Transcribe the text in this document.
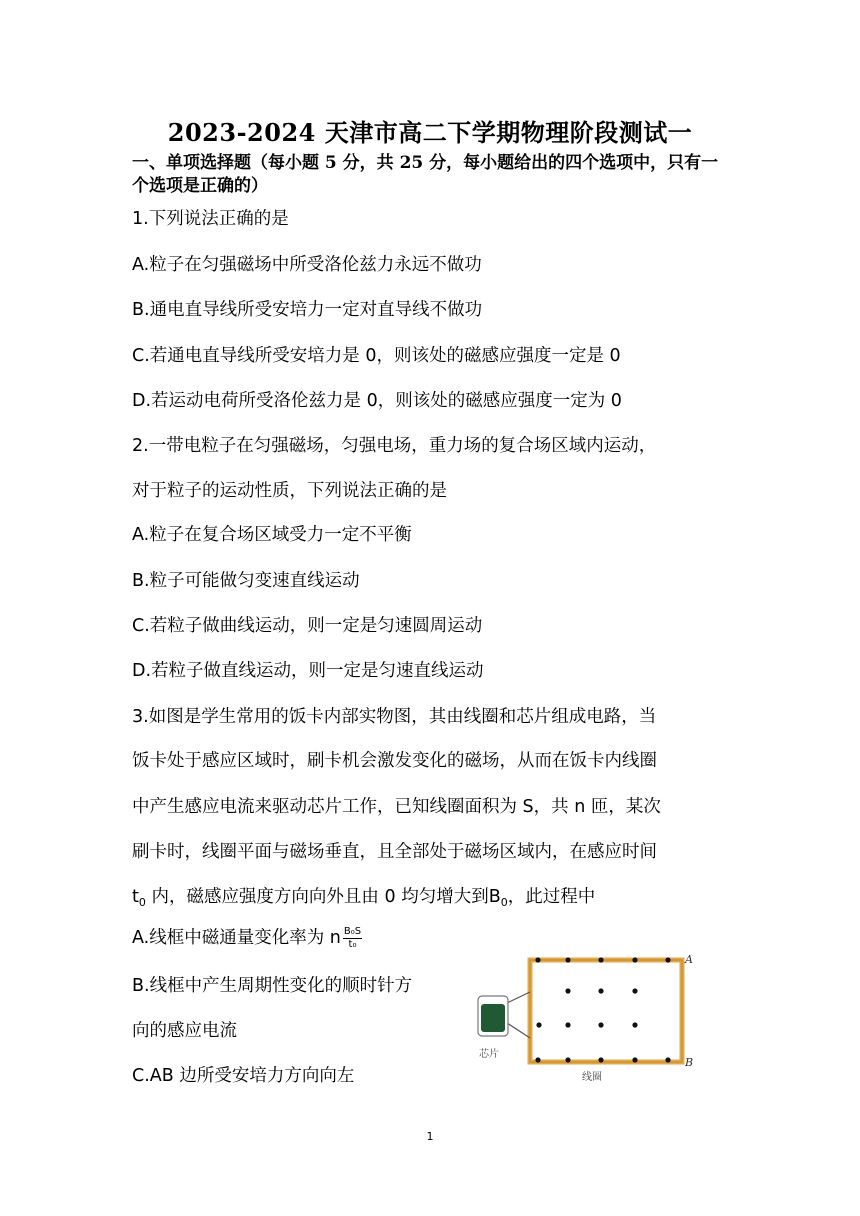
2023-2024 天津市高二下学期物理阶段测试一
一、单项选择题（每小题 5 分，共 25 分，每小题给出的四个选项中，只有一个选项是正确的）
1.下列说法正确的是
A.粒子在匀强磁场中所受洛伦兹力永远不做功
B.通电直导线所受安培力一定对直导线不做功
C.若通电直导线所受安培力是 0，则该处的磁感应强度一定是 0
D.若运动电荷所受洛伦兹力是 0，则该处的磁感应强度一定为 0
2.一带电粒子在匀强磁场，匀强电场，重力场的复合场区域内运动，
对于粒子的运动性质，下列说法正确的是
A.粒子在复合场区域受力一定不平衡
B.粒子可能做匀变速直线运动
C.若粒子做曲线运动，则一定是匀速圆周运动
D.若粒子做直线运动，则一定是匀速直线运动
3.如图是学生常用的饭卡内部实物图，其由线圈和芯片组成电路，当
饭卡处于感应区域时，刷卡机会激发变化的磁场，从而在饭卡内线圈
中产生感应电流来驱动芯片工作，已知线圈面积为 S，共 n 匝，某次
刷卡时，线圈平面与磁场垂直，且全部处于磁场区域内，在感应时间
$t_0$ 内，磁感应强度方向向外且由 0 均匀增大到$B_0$，此过程中
A.线框中磁通量变化率为 n $\frac{\text{B₀S}}{\text{t₀}}$
B.线框中产生周期性变化的顺时针方
向的感应电流
C.AB 边所受安培力方向向左
A
B
芯片
线圈
1
